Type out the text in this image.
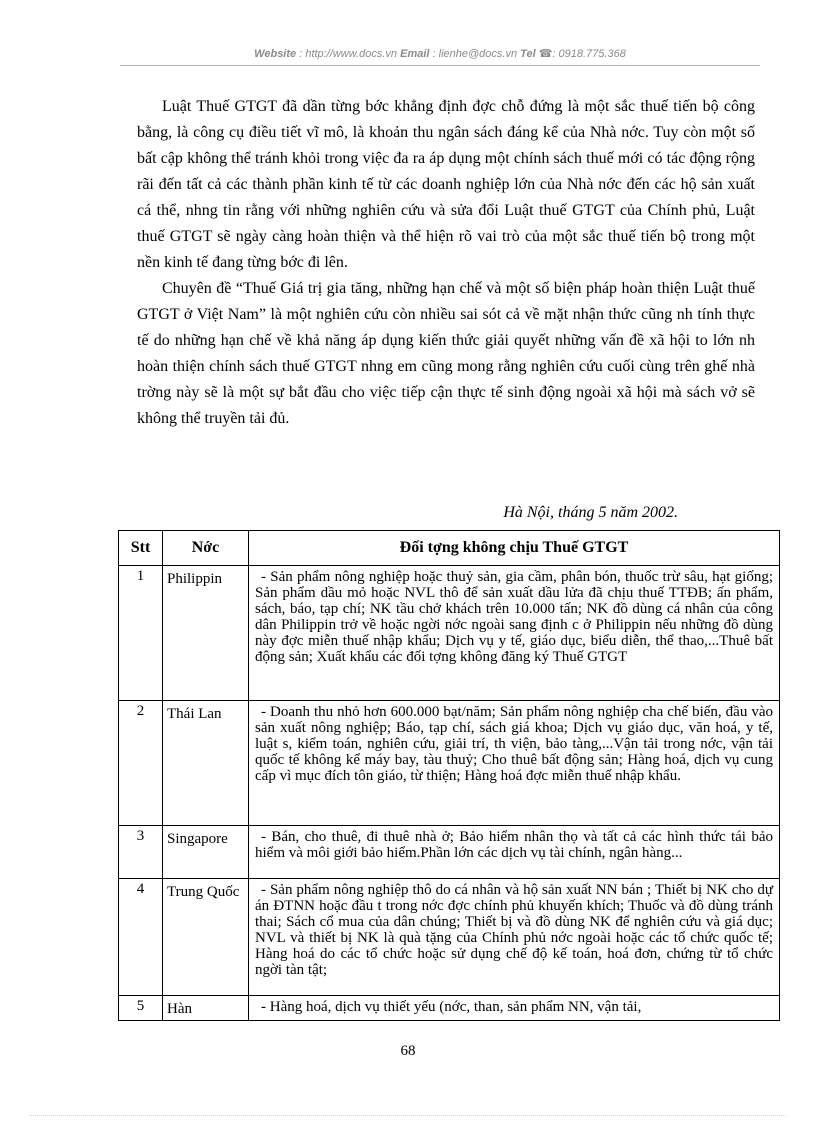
Website : http://www.docs.vn Email : lienhe@docs.vn Tel ☎: 0918.775.368

Luật Thuế GTGT đã dần từng bớc khẳng định đợc chỗ đứng là một sắc thuế tiến bộ công bằng, là công cụ điều tiết vĩ mô, là khoản thu ngân sách đáng kể của Nhà nớc. Tuy còn một số bất cập không thể tránh khỏi trong việc đa ra áp dụng một chính sách thuế mới có tác động rộng rãi đến tất cả các thành phần kinh tế từ các doanh nghiệp lớn của Nhà nớc đến các hộ sản xuất cá thể, nhng tin rằng với những nghiên cứu và sửa đổi Luật thuế GTGT của Chính phủ, Luật thuế GTGT sẽ ngày càng hoàn thiện và thể hiện rõ vai trò của một sắc thuế tiến bộ trong một nền kinh tế đang từng bớc đi lên.

Chuyên đề “Thuế Giá trị gia tăng, những hạn chế và một số biện pháp hoàn thiện Luật thuế GTGT ở Việt Nam” là một nghiên cứu còn nhiều sai sót cả về mặt nhận thức cũng nh tính thực tế do những hạn chế về khả năng áp dụng kiến thức giải quyết những vấn đề xã hội to lớn nh hoàn thiện chính sách thuế GTGT nhng em cũng mong rằng nghiên cứu cuối cùng trên ghế nhà trờng này sẽ là một sự bắt đầu cho việc tiếp cận thực tế sinh động ngoài xã hội mà sách vở sẽ không thể truyền tải đủ.

Hà Nội, tháng 5 năm 2002.
Stt	Nớc	Đối tợng không chịu Thuế GTGT
1	Philippin	- Sản phẩm nông nghiệp hoặc thuỷ sản, gia cầm, phân bón, thuốc trừ sâu, hạt giống; Sản phẩm dầu mỏ hoặc NVL thô để sản xuất dầu lửa đã chịu thuế TTĐB; ấn phẩm, sách, báo, tạp chí; NK tầu chở khách trên 10.000 tấn; NK đồ dùng cá nhân của công dân Philippin trở về hoặc ngời nớc ngoài sang định c ở Philippin nếu những đồ dùng này đợc miễn thuế nhập khẩu; Dịch vụ y tế, giáo dục, biểu diễn, thể thao,...Thuê bất động sản; Xuất khẩu các đối tợng không đăng ký Thuế GTGT

2	Thái Lan	- Doanh thu nhỏ hơn 600.000 bạt/năm; Sản phẩm nông nghiệp cha chế biến, đầu vào sản xuất nông nghiệp; Báo, tạp chí, sách giá khoa; Dịch vụ giáo dục, văn hoá, y tế, luật s, kiểm toán, nghiên cứu, giải trí, th viện, bảo tàng,...Vận tải trong nớc, vận tải quốc tế không kể máy bay, tàu thuỷ; Cho thuê bất động sản; Hàng hoá, dịch vụ cung cấp vì mục đích tôn giáo, từ thiện; Hàng hoá đợc miễn thuế nhập khẩu.

3	Singapore	- Bán, cho thuê, đi thuê nhà ở; Bảo hiểm nhân thọ và tất cả các hình thức tái bảo hiểm và môi giới bảo hiểm.Phần lớn các dịch vụ tài chính, ngân hàng...

4	Trung Quốc	- Sản phẩm nông nghiệp thô do cá nhân và hộ sản xuất NN bán ; Thiết bị NK cho dự án ĐTNN hoặc đầu t trong nớc đợc chính phủ khuyến khích; Thuốc và đồ dùng tránh thai; Sách cổ mua của dân chúng; Thiết bị và đồ dùng NK để nghiên cứu và giá dục; NVL và thiết bị NK là quà tặng của Chính phủ nớc ngoài hoặc các tổ chức quốc tế; Hàng hoá do các tổ chức hoặc sử dụng chế độ kế toán, hoá đơn, chứng từ tổ chức ngời tàn tật;

5	Hàn	- Hàng hoá, dịch vụ thiết yếu (nớc, than, sản phẩm NN, vận tải,
68
